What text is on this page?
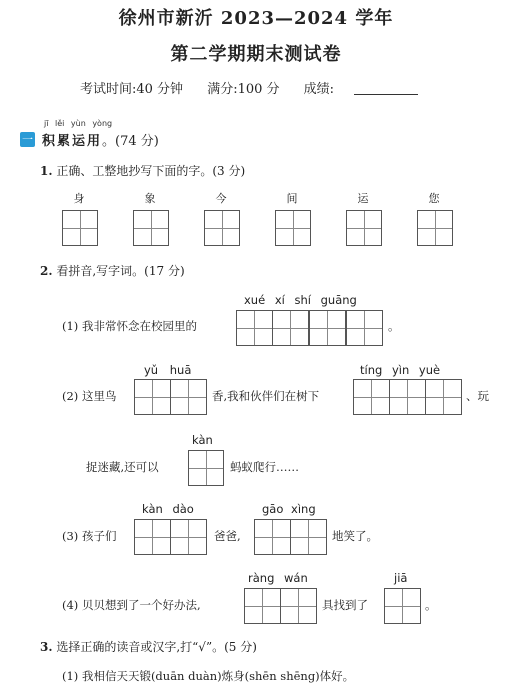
徐州市新沂 2023—2024 学年
第二学期期末测试卷
考试时间:40 分钟 满分:100 分 成绩:
一
jī lěi yùn yòng
积累运用。(74 分)
1. 正确、工整地抄写下面的字。(3 分)
身	象	今	间	运	您
2. 看拼音,写字词。(17 分)
xué xí shí guāng
(1) 我非常怀念在校园里的	。
yǔ huā	tíng yìn yuè
(2) 这里鸟	香,我和伙伴们在树下	、玩
kàn
捉迷藏,还可以	蚂蚁爬行……
kàn dào	gāo xìng
(3) 孩子们	爸爸,	地笑了。
ràng wán	jiā
(4) 贝贝想到了一个好办法,	具找到了	。
3. 选择正确的读音或汉字,打“√”。(5 分)
(1) 我相信天天锻(duān duàn)炼身(shēn shēng)体好。
